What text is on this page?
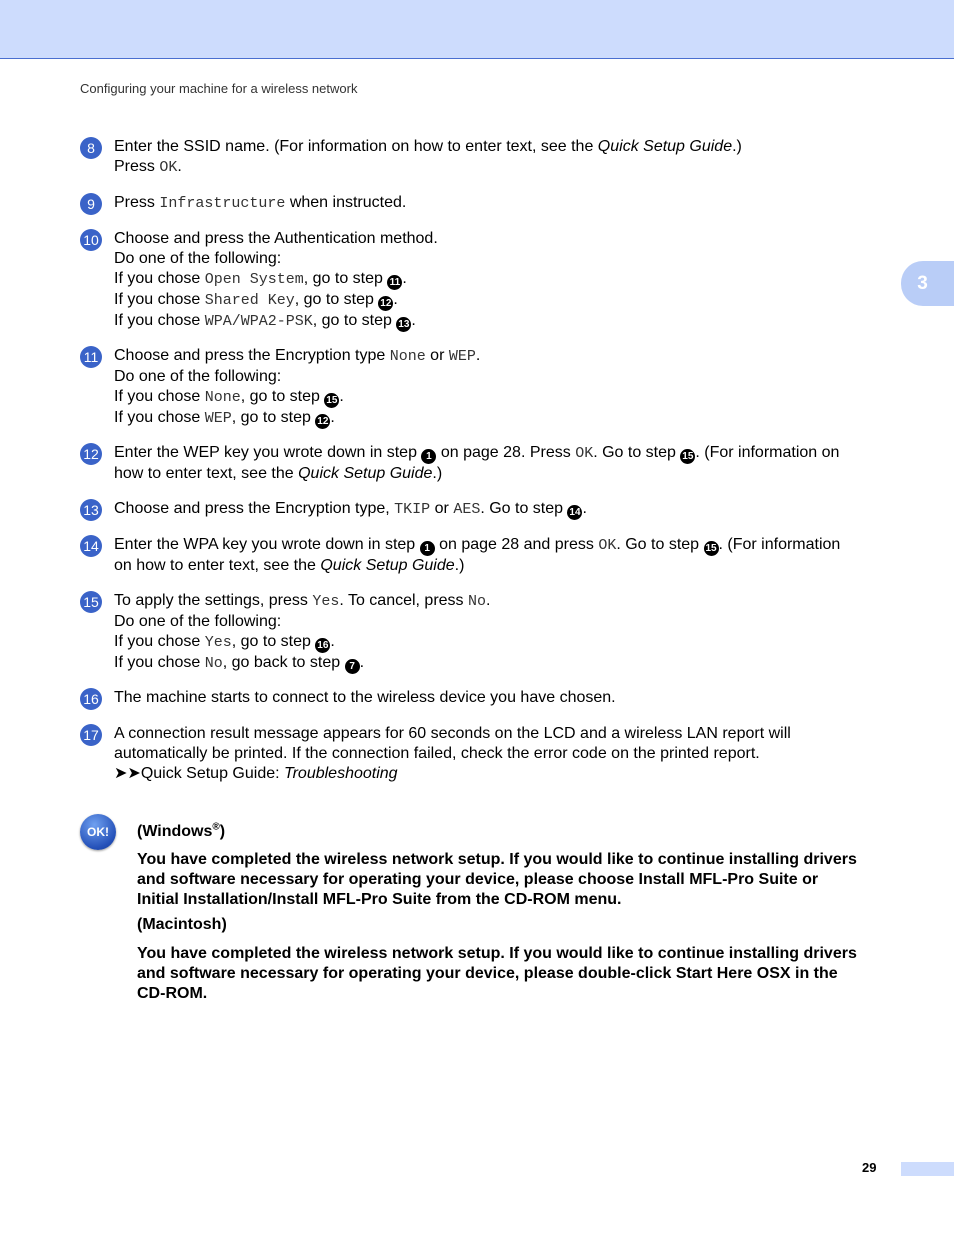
Configuring your machine for a wireless network
3
8	Enter the SSID name. (For information on how to enter text, see the Quick Setup Guide.)

Press OK.

9	Press Infrastructure when instructed.

10 Choose and press the Authentication method.

Do one of the following:

If you chose Open System, go to step 11 .

If you chose Shared Key, go to step 12 .

If you chose WPA/WPA2-PSK, go to step 13 .

11 Choose and press the Encryption type None or WEP.

Do one of the following:

If you chose None, go to step 15 .

If you chose WEP, go to step 12 .

12 Enter the WEP key you wrote down in step 1 on page 28. Press OK. Go to step 15 . (For information on

how to enter text, see the Quick Setup Guide.)

13 Choose and press the Encryption type, TKIP or AES. Go to step 14 .

14 Enter the WPA key you wrote down in step 1 on page 28 and press OK. Go to step 15 . (For information

on how to enter text, see the Quick Setup Guide.)

15 To apply the settings, press Yes. To cancel, press No.

Do one of the following:

If you chose Yes, go to step 16 .

If you chose No, go back to step 7 .

16 The machine starts to connect to the wireless device you have chosen.

17 A connection result message appears for 60 seconds on the LCD and a wireless LAN report will

automatically be printed. If the connection failed, check the error code on the printed report.

➤➤Quick Setup Guide: Troubleshooting

OK!	(Windows®)

You have completed the wireless network setup. If you would like to continue installing drivers

and software necessary for operating your device, please choose Install MFL-Pro Suite or

Initial Installation/Install MFL-Pro Suite from the CD-ROM menu.

(Macintosh)

You have completed the wireless network setup. If you would like to continue installing drivers

and software necessary for operating your device, please double-click Start Here OSX in the

CD-ROM.

29
